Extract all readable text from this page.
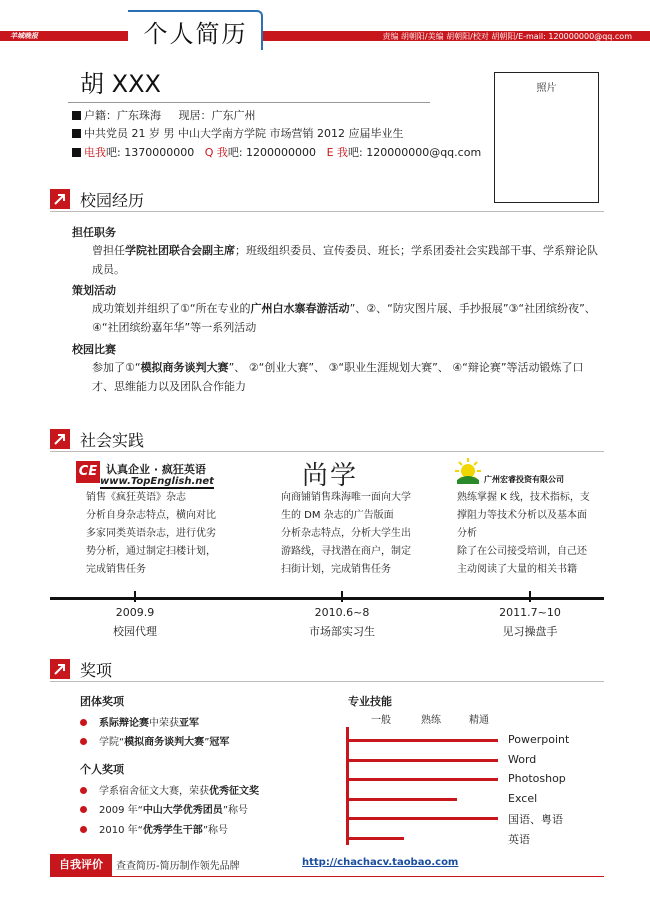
羊城晚报	个人简历	责编 胡朝阳/美编 胡朝阳/校对 胡朝阳/E-mail: 120000000@qq.com
胡 XXX
户籍：广东珠海 现居：广东广州
中共党员 21 岁 男 中山大学南方学院 市场营销 2012 应届毕业生
电我吧: 1370000000 Q 我吧: 1200000000 E 我吧: 120000000@qq.com
照片
校园经历
担任职务
曾担任学院社团联合会副主席；班级组织委员、宣传委员、班长；学系团委社会实践部干事、学系辩论队成员。
策划活动
成功策划并组织了①“所在专业的广州白水寨春游活动”、②、“防灾图片展、手抄报展”③“社团缤纷夜”、④“社团缤纷嘉年华”等一系列活动
校园比赛
参加了①“模拟商务谈判大赛”、 ②“创业大赛”、 ③“职业生涯规划大赛”、 ④“辩论赛”等活动锻炼了口才、思维能力以及团队合作能力
社会实践
CE 认真企业 · 疯狂英语
www.TopEnglish.net	尚学	广州宏睿投资有限公司
销售《疯狂英语》杂志
分析自身杂志特点，横向对比
多家同类英语杂志，进行优劣
势分析，通过制定扫楼计划，
完成销售任务
向商铺销售珠海唯一面向大学
生的 DM 杂志的广告版面
分析杂志特点，分析大学生出
游路线，寻找潜在商户，制定
扫街计划，完成销售任务
熟练掌握 K 线，技术指标，支
撑阻力等技术分析以及基本面
分析
除了在公司接受培训，自己还
主动阅读了大量的相关书籍
2009.9
校园代理
2010.6~8
市场部实习生
2011.7~10
见习操盘手
奖项
团体奖项
系际辩论赛中荣获亚军
学院“模拟商务谈判大赛”冠军
个人奖项
学系宿舍征文大赛，荣获优秀征文奖
2009 年“中山大学优秀团员”称号
2010 年“优秀学生干部”称号
专业技能
一般	熟练	精通
Powerpoint
Word
Photoshop
Excel
国语、粤语
英语
自我评价	查查简历-简历制作领先品牌	http://chachacv.taobao.com
